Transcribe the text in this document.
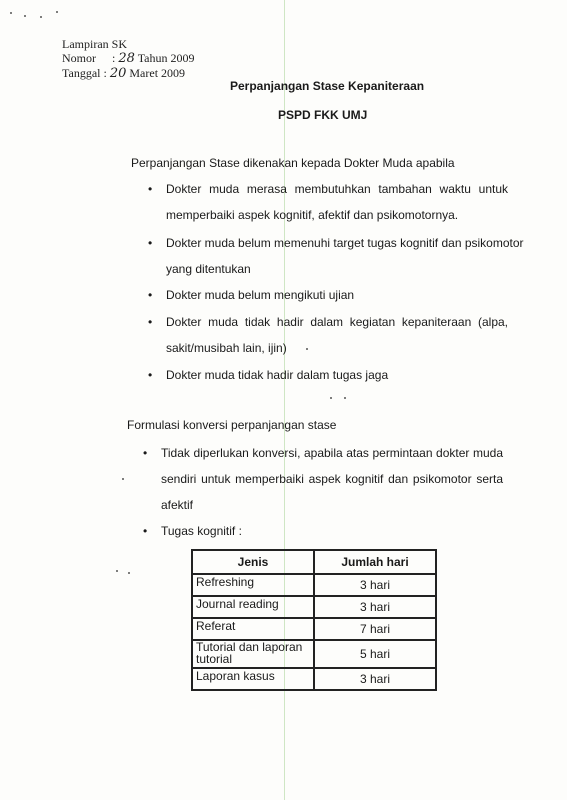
Lampiran SK
Nomor : 28 Tahun 2009
Tanggal : 20 Maret 2009
Perpanjangan Stase Kepaniteraan
PSPD FKK UMJ
Perpanjangan Stase dikenakan kepada Dokter Muda apabila
• Dokter muda merasa membutuhkan tambahan waktu untuk
memperbaiki aspek kognitif, afektif dan psikomotornya.
• Dokter muda belum memenuhi target tugas kognitif dan psikomotor
yang ditentukan
• Dokter muda belum mengikuti ujian
• Dokter muda tidak hadir dalam kegiatan kepaniteraan (alpa,
sakit/musibah lain, ijin)
• Dokter muda tidak hadir dalam tugas jaga
Formulasi konversi perpanjangan stase
• Tidak diperlukan konversi, apabila atas permintaan dokter muda
sendiri untuk memperbaiki aspek kognitif dan psikomotor serta
afektif
• Tugas kognitif :
Jenis	Jumlah hari
Refreshing	3 hari
Journal reading	3 hari
Referat	7 hari
Tutorial dan laporan tutorial	5 hari
Laporan kasus	3 hari
